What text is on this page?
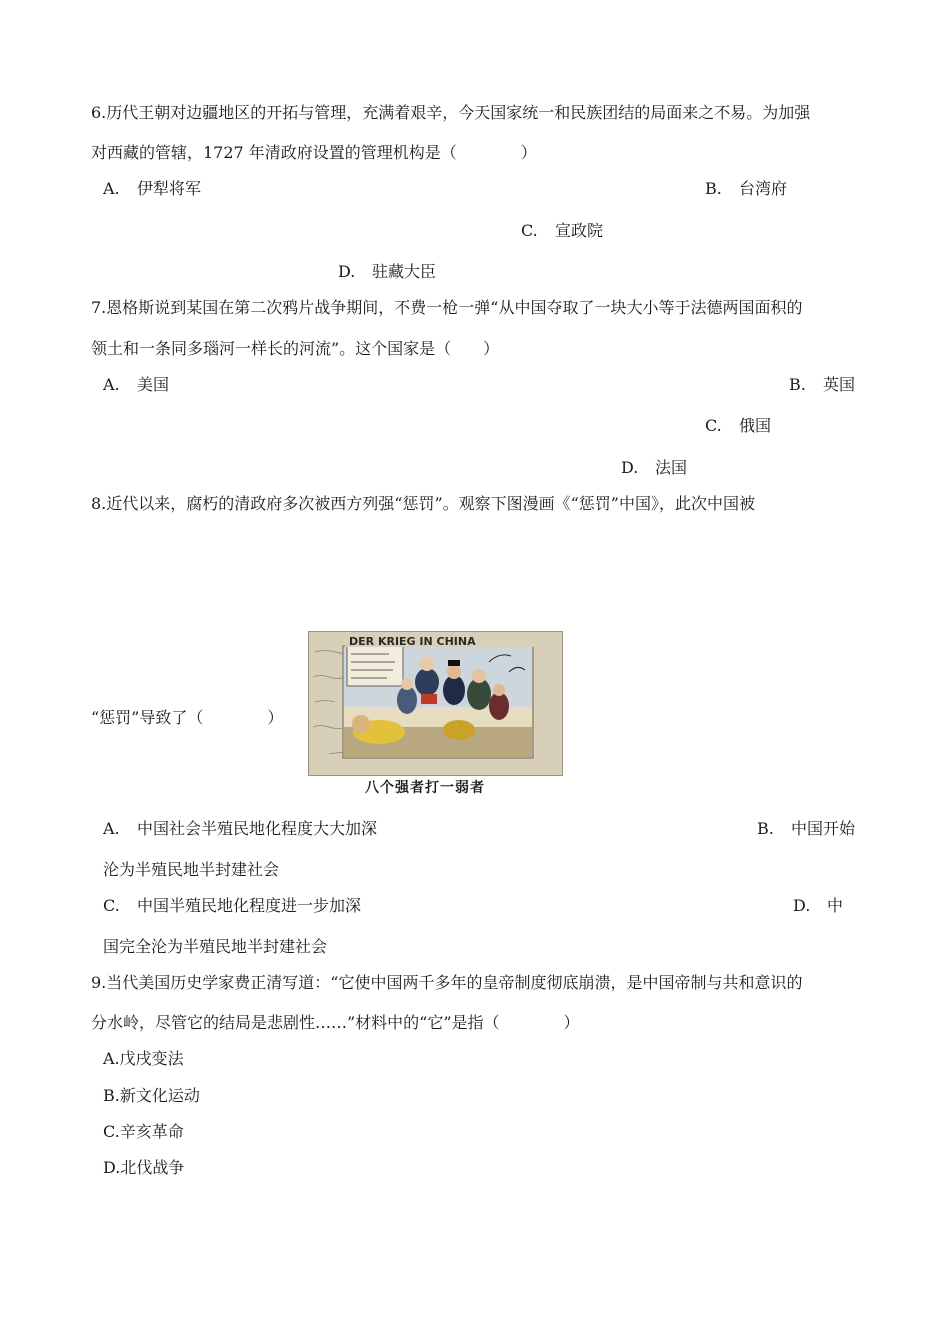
6.历代王朝对边疆地区的开拓与管理，充满着艰辛，今天国家统一和民族团结的局面来之不易。为加强
对西藏的管辖，1727 年清政府设置的管理机构是（　　　　）
A. 伊犁将军	B. 台湾府
C. 宣政院
D. 驻藏大臣
7.恩格斯说到某国在第二次鸦片战争期间，不费一枪一弹“从中国夺取了一块大小等于法德两国面积的
领土和一条同多瑙河一样长的河流”。这个国家是（　　）
A. 美国	B. 英国
C. 俄国
D. 法国
8.近代以来，腐朽的清政府多次被西方列强“惩罚”。观察下图漫画《“惩罚”中国》，此次中国被
“惩罚”导致了（　　　　）
DER KRIEG IN CHINA
八个强者打一弱者
A. 中国社会半殖民地化程度大大加深	B. 中国开始
沦为半殖民地半封建社会
C. 中国半殖民地化程度进一步加深	D. 中
国完全沦为半殖民地半封建社会
9.当代美国历史学家费正清写道：“它使中国两千多年的皇帝制度彻底崩溃，是中国帝制与共和意识的
分水岭，尽管它的结局是悲剧性……”材料中的“它”是指（　　　　）
A.戊戌变法
B.新文化运动
C.辛亥革命
D.北伐战争
